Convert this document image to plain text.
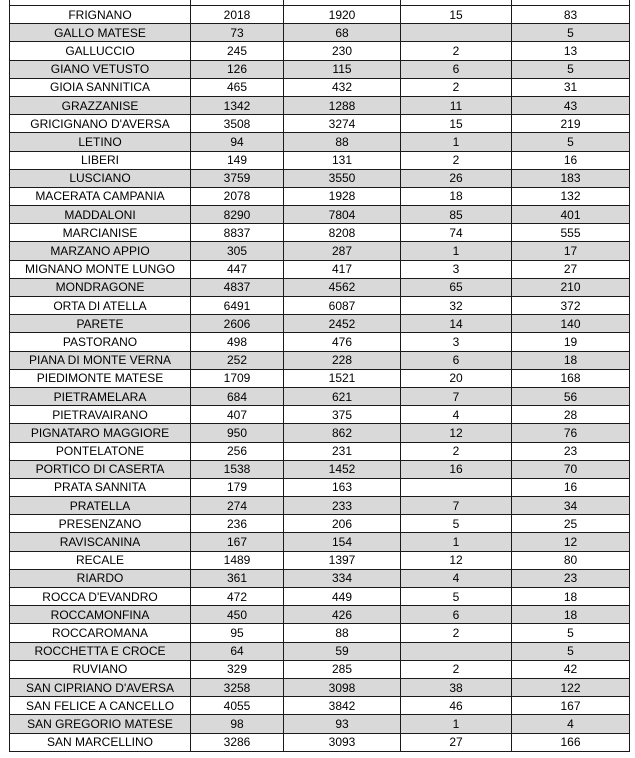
FRIGNANO	2018	1920	15	83
GALLO MATESE	73	68		5
GALLUCCIO	245	230	2	13
GIANO VETUSTO	126	115	6	5
GIOIA SANNITICA	465	432	2	31
GRAZZANISE	1342	1288	11	43
GRICIGNANO D'AVERSA	3508	3274	15	219
LETINO	94	88	1	5
LIBERI	149	131	2	16
LUSCIANO	3759	3550	26	183
MACERATA CAMPANIA	2078	1928	18	132
MADDALONI	8290	7804	85	401
MARCIANISE	8837	8208	74	555
MARZANO APPIO	305	287	1	17
MIGNANO MONTE LUNGO	447	417	3	27
MONDRAGONE	4837	4562	65	210
ORTA DI ATELLA	6491	6087	32	372
PARETE	2606	2452	14	140
PASTORANO	498	476	3	19
PIANA DI MONTE VERNA	252	228	6	18
PIEDIMONTE MATESE	1709	1521	20	168
PIETRAMELARA	684	621	7	56
PIETRAVAIRANO	407	375	4	28
PIGNATARO MAGGIORE	950	862	12	76
PONTELATONE	256	231	2	23
PORTICO DI CASERTA	1538	1452	16	70
PRATA SANNITA	179	163		16
PRATELLA	274	233	7	34
PRESENZANO	236	206	5	25
RAVISCANINA	167	154	1	12
RECALE	1489	1397	12	80
RIARDO	361	334	4	23
ROCCA D'EVANDRO	472	449	5	18
ROCCAMONFINA	450	426	6	18
ROCCAROMANA	95	88	2	5
ROCCHETTA E CROCE	64	59		5
RUVIANO	329	285	2	42
SAN CIPRIANO D'AVERSA	3258	3098	38	122
SAN FELICE A CANCELLO	4055	3842	46	167
SAN GREGORIO MATESE	98	93	1	4
SAN MARCELLINO	3286	3093	27	166
